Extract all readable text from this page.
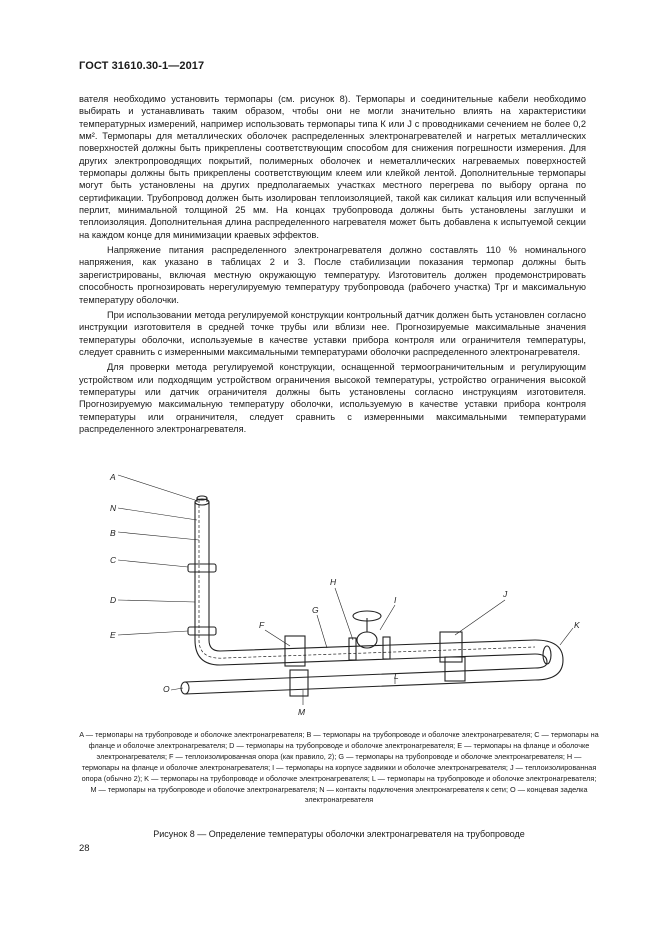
ГОСТ 31610.30-1—2017

вателя необходимо установить термопары (см. рисунок 8). Термопары и соединительные кабели необходимо выбирать и устанавливать таким образом, чтобы они не могли значительно влиять на характеристики температурных измерений, например использовать термопары типа К или J с проводниками сечением не более 0,2 мм². Термопары для металлических оболочек распределенных электронагревателей и нагретых металлических поверхностей должны быть прикреплены соответствующим способом для снижения погрешности измерения. Для других электропроводящих покрытий, полимерных оболочек и неметаллических нагреваемых поверхностей термопары должны быть прикреплены соответствующим клеем или клейкой лентой. Дополнительные термопары могут быть установлены на других предполагаемых участках местного перегрева по выбору органа по сертификации. Трубопровод должен быть изолирован теплоизоляцией, такой как силикат кальция или вспученный перлит, минимальной толщиной 25 мм. На концах трубопровода должны быть установлены заглушки и теплоизоляция. Дополнительная длина распределенного нагревателя может быть добавлена к испытуемой секции на каждом конце для минимизации краевых эффектов.

Напряжение питания распределенного электронагревателя должно составлять 110 % номинального напряжения, как указано в таблицах 2 и 3. После стабилизации показания термопар должны быть зарегистрированы, включая местную окружающую температуру. Изготовитель должен продемонстрировать способность прогнозировать нерегулируемую температуру трубопровода (рабочего участка) Tpr и максимальную температуру оболочки.

При использовании метода регулируемой конструкции контрольный датчик должен быть установлен согласно инструкции изготовителя в средней точке трубы или вблизи нее. Прогнозируемые максимальные значения температуры оболочки, используемые в качестве уставки прибора контроля или ограничителя температуры, следует сравнить с измеренными максимальными температурами оболочки распределенного электронагревателя.

Для проверки метода регулируемой конструкции, оснащенной термоограничительным и регулирующим устройством или подходящим устройством ограничения высокой температуры, устройство ограничения высокой температуры или датчик ограничителя должны быть установлены согласно инструкциям изготовителя. Прогнозируемую максимальную температуру оболочки, используемую в качестве уставки прибора контроля температуры или ограничителя, следует сравнить с измеренными максимальными температурами распределенного электронагревателя.

A
N
B
C
D
E
F
G
H
I
J
K
L
M
O
A — термопары на трубопроводе и оболочке электронагревателя; B — термопары на трубопроводе и оболочке электронагревателя; C — термопары на фланце и оболочке электронагревателя; D — термопары на трубопроводе и оболочке электронагревателя; E — термопары на фланце и оболочке электронагревателя; F — теплоизолированная опора (как правило, 2); G — термопары на трубопроводе и оболочке электронагревателя; H — термопары на фланце и оболочке электронагревателя; I — термопары на корпусе задвижки и оболочке электронагревателя; J — теплоизолированная опора (обычно 2); K — термопары на трубопроводе и оболочке электронагревателя; L — термопары на трубопроводе и оболочке электронагревателя; M — термопары на трубопроводе и оболочке электронагревателя; N — контакты подключения электронагревателя к сети; O — концевая заделка электронагревателя
Рисунок 8 — Определение температуры оболочки электронагревателя на трубопроводе
28
